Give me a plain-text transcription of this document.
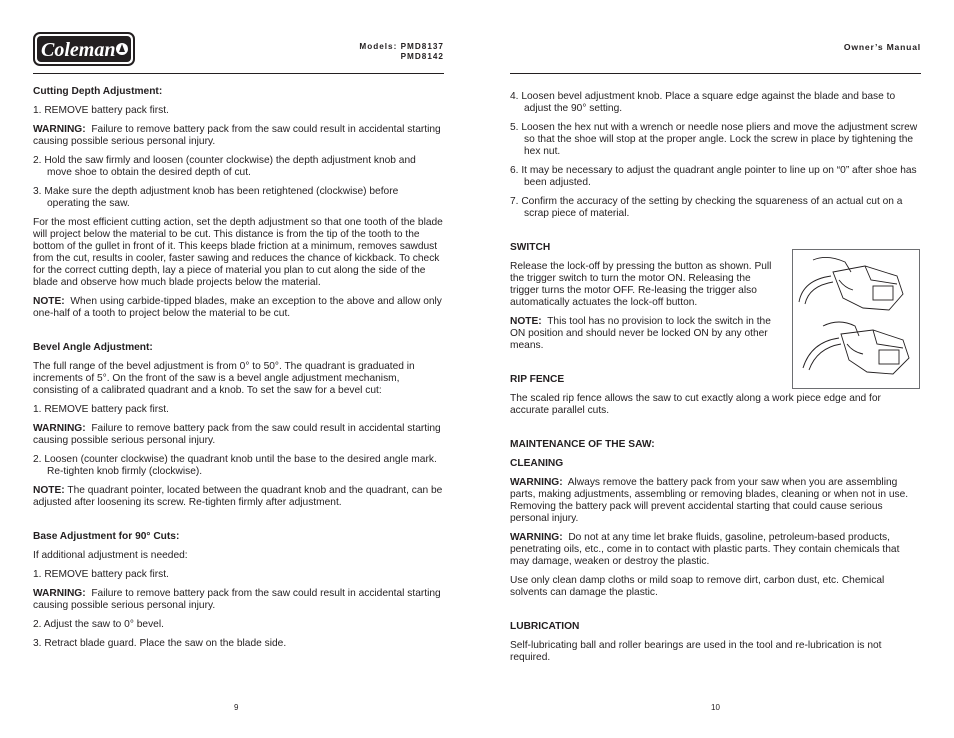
Coleman	Models: PMD8137
PMD8142

Cutting Depth Adjustment:

1. REMOVE battery pack first.

WARNING: Failure to remove battery pack from the saw could result in accidental starting causing possible serious personal injury.

2. Hold the saw firmly and loosen (counter clockwise) the depth adjustment knob and move shoe to obtain the desired depth of cut.

3. Make sure the depth adjustment knob has been retightened (clockwise) before operating the saw.

For the most efficient cutting action, set the depth adjustment so that one tooth of the blade will project below the material to be cut. This distance is from the tip of the tooth to the bottom of the gullet in front of it. This keeps blade friction at a minimum, removes sawdust from the cut, results in cooler, faster sawing and reduces the chance of kickback. To check for the correct cutting depth, lay a piece of material you plan to cut along the side of the blade and observe how much blade projects below the material.

NOTE: When using carbide-tipped blades, make an exception to the above and allow only one-half of a tooth to project below the material to be cut.

Bevel Angle Adjustment:

The full range of the bevel adjustment is from 0° to 50°. The quadrant is graduated in increments of 5°. On the front of the saw is a bevel angle adjustment mechanism, consisting of a calibrated quadrant and a knob. To set the saw for a bevel cut:

1. REMOVE battery pack first.

WARNING: Failure to remove battery pack from the saw could result in accidental starting causing possible serious personal injury.

2. Loosen (counter clockwise) the quadrant knob until the base to the desired angle mark. Re-tighten knob firmly (clockwise).

NOTE: The quadrant pointer, located between the quadrant knob and the quadrant, can be adjusted after loosening its screw. Re-tighten firmly after adjustment.

Base Adjustment for 90° Cuts:

If additional adjustment is needed:

1. REMOVE battery pack first.

WARNING: Failure to remove battery pack from the saw could result in accidental starting causing possible serious personal injury.

2. Adjust the saw to 0° bevel.

3. Retract blade guard. Place the saw on the blade side.

9
Owner’s Manual

4. Loosen bevel adjustment knob. Place a square edge against the blade and base to adjust the 90° setting.

5. Loosen the hex nut with a wrench or needle nose pliers and move the adjustment screw so that the shoe will stop at the proper angle. Lock the screw in place by tightening the hex nut.

6. It may be necessary to adjust the quadrant angle pointer to line up on “0” after shoe has been adjusted.

7. Confirm the accuracy of the setting by checking the squareness of an actual cut on a scrap piece of material.

SWITCH

Release the lock-off by pressing the button as shown. Pull the trigger switch to turn the motor ON. Releasing the trigger turns the motor OFF. Re-leasing the trigger also automatically actuates the lock-off button.

NOTE: This tool has no provision to lock the switch in the ON position and should never be locked ON by any other means.

RIP FENCE

The scaled rip fence allows the saw to cut exactly along a work piece edge and for accurate parallel cuts.

MAINTENANCE OF THE SAW:

CLEANING

WARNING: Always remove the battery pack from your saw when you are assembling parts, making adjustments, assembling or removing blades, cleaning or when not in use. Removing the battery pack will prevent accidental starting that could cause serious personal injury.

WARNING: Do not at any time let brake fluids, gasoline, petroleum-based products, penetrating oils, etc., come in to contact with plastic parts. They contain chemicals that may damage, weaken or destroy the plastic.

Use only clean damp cloths or mild soap to remove dirt, carbon dust, etc. Chemical solvents can damage the plastic.

LUBRICATION

Self-lubricating ball and roller bearings are used in the tool and re-lubrication is not required.

10
